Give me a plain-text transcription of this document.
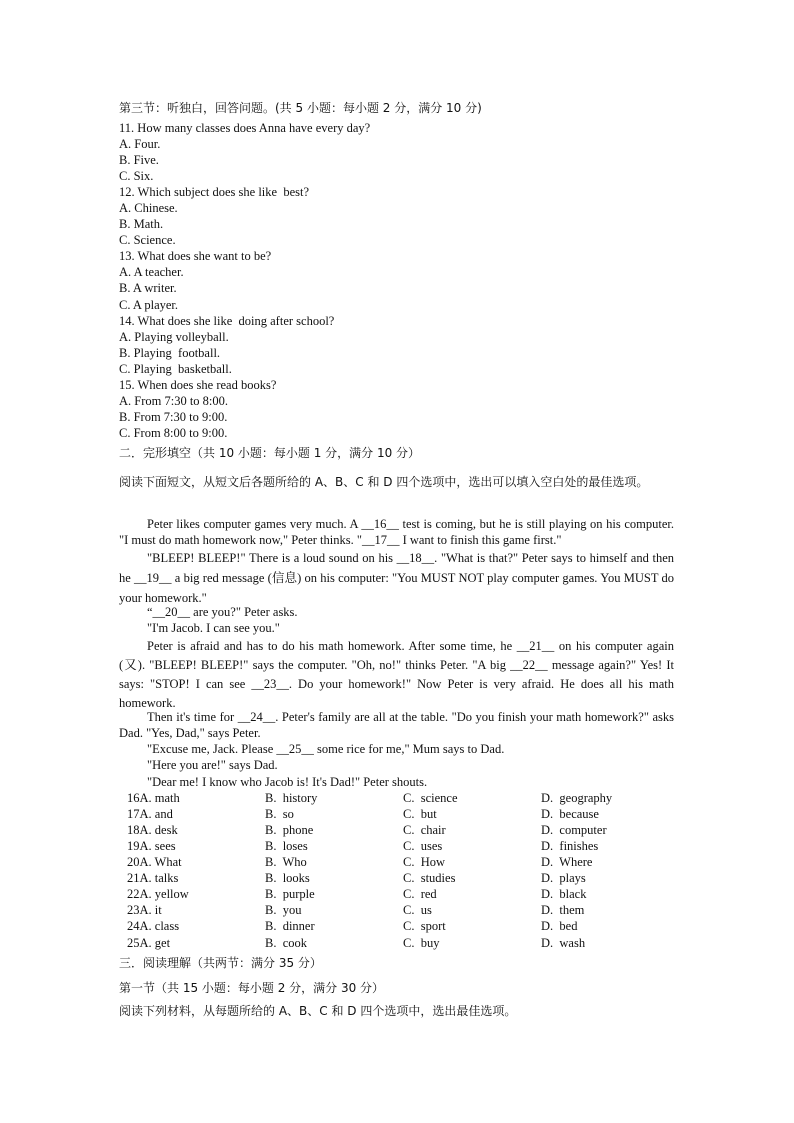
第三节：听独白，回答问题。(共 5 小题：每小题 2 分，满分 10 分)
11. How many classes does Anna have every day?
A. Four.
B. Five.
C. Six.
12. Which subject does she like  best?
A. Chinese.
B. Math.
C. Science.
13. What does she want to be?
A. A teacher.
B. A writer.
C. A player.
14. What does she like  doing after school?
A. Playing volleyball.
B. Playing  football.
C. Playing  basketball.
15. When does she read books?
A. From 7:30 to 8:00.
B. From 7:30 to 9:00.
C. From 8:00 to 9:00.
二．完形填空（共 10 小题：每小题 1 分，满分 10 分）
阅读下面短文，从短文后各题所给的 A、B、C 和 D 四个选项中，选出可以填入空白处的最佳选项。
Peter likes computer games very much. A __16__ test is coming, but he is still playing on his computer. "I must do math homework now," Peter thinks. "__17__ I want to finish this game first."
"BLEEP! BLEEP!" There is a loud sound on his __18__. "What is that?" Peter says to himself and then he __19__ a big red message (信息) on his computer: "You MUST NOT play computer games. You MUST do your homework."
“__20__ are you?" Peter asks.
"I'm Jacob. I can see you."
Peter is afraid and has to do his math homework. After some time, he __21__ on his computer again (又). "BLEEP! BLEEP!" says the computer. "Oh, no!" thinks Peter. "A big __22__ message again?" Yes! It says: "STOP! I can see __23__. Do your homework!" Now Peter is very afraid. He does all his math homework.
Then it's time for __24__. Peter's family are all at the table. "Do you finish your math homework?" asks Dad. "Yes, Dad," says Peter.
"Excuse me, Jack. Please __25__ some rice for me," Mum says to Dad.
"Here you are!" says Dad.
"Dear me! I know who Jacob is! It's Dad!" Peter shouts.
16A. math	B.  history	C.  science	D.  geography
17A. and	B.  so	C.  but	D.  because
18A. desk	B.  phone	C.  chair	D.  computer
19A. sees	B.  loses	C.  uses	D.  finishes
20A. What	B.  Who	C.  How	D.  Where
21A. talks	B.  looks	C.  studies	D.  plays
22A. yellow	B.  purple	C.  red	D.  black
23A. it	B.  you	C.  us	D.  them
24A. class	B.  dinner	C.  sport	D.  bed
25A. get	B.  cook	C.  buy	D.  wash
三．阅读理解（共两节：满分 35 分）
第一节（共 15 小题：每小题 2 分，满分 30 分）
阅读下列材料，从每题所给的 A、B、C 和 D 四个选项中，选出最佳选项。
